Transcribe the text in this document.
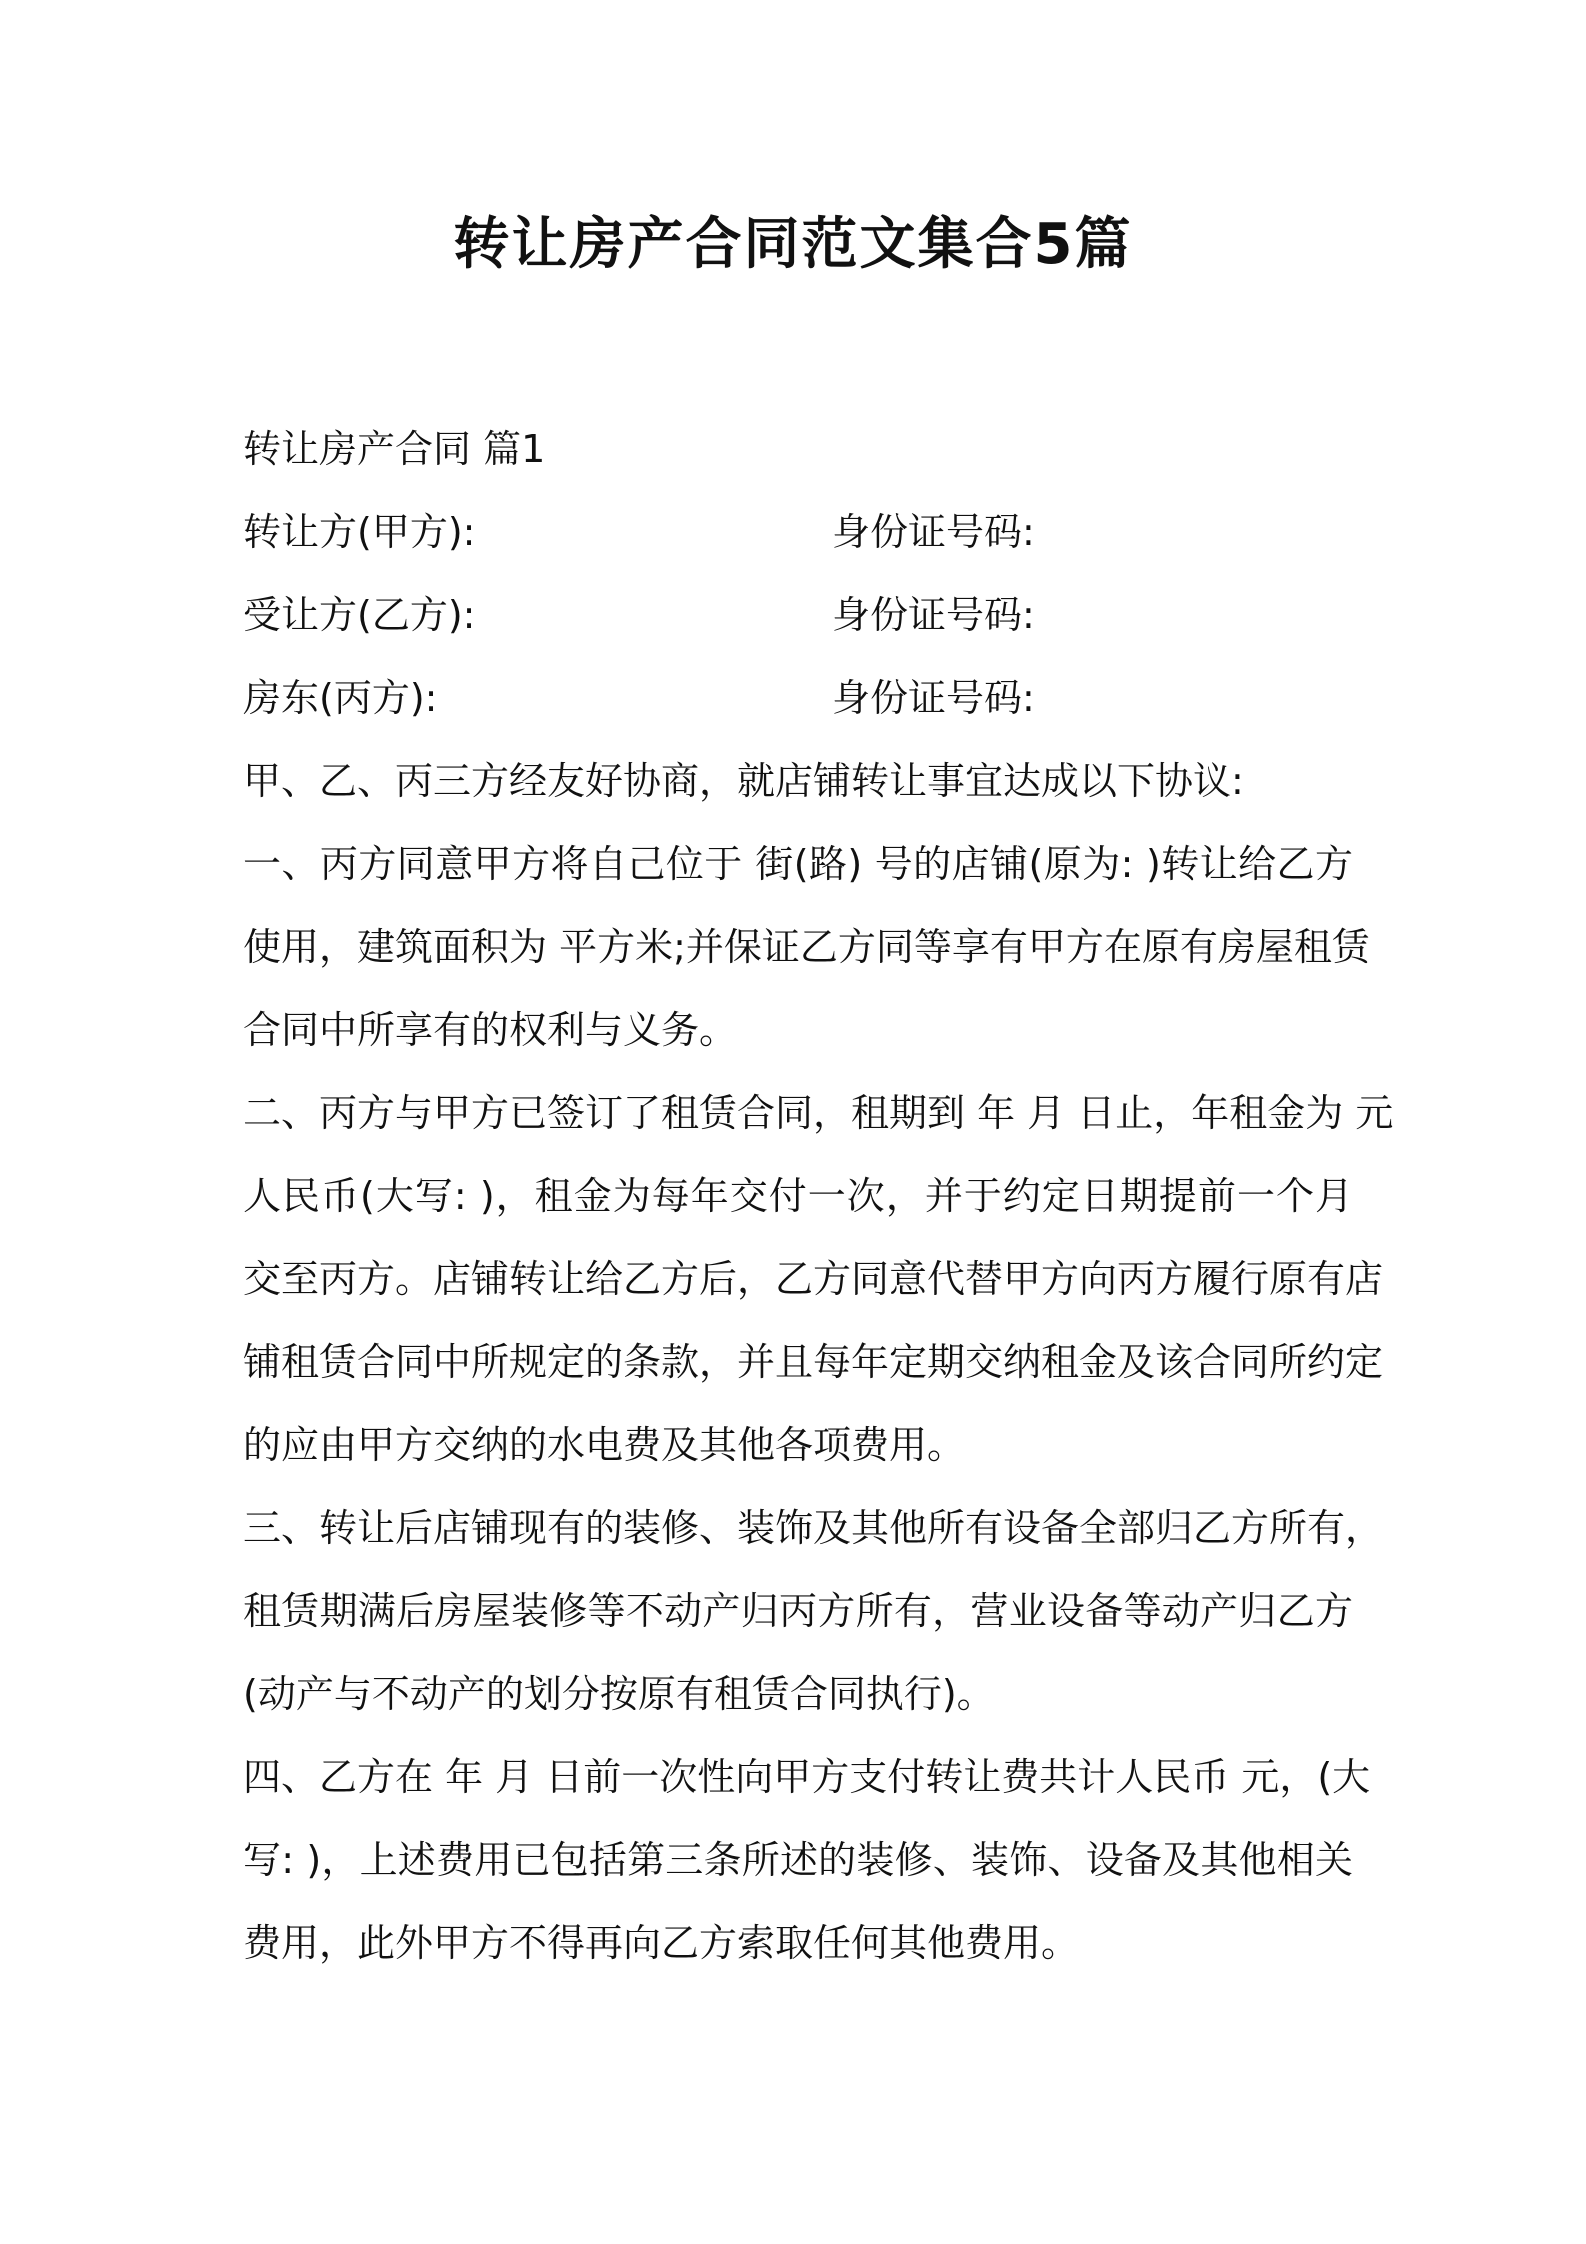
转让房产合同范文集合5篇
转让房产合同 篇1
转让方(甲方):	身份证号码:
受让方(乙方):	身份证号码:
房东(丙方):	身份证号码:
甲、乙、丙三方经友好协商，就店铺转让事宜达成以下协议:
一、丙方同意甲方将自己位于 街(路) 号的店铺(原为: )转让给乙方
使用，建筑面积为 平方米;并保证乙方同等享有甲方在原有房屋租赁
合同中所享有的权利与义务。
二、丙方与甲方已签订了租赁合同，租期到 年 月 日止，年租金为 元
人民币(大写: )，租金为每年交付一次，并于约定日期提前一个月
交至丙方。店铺转让给乙方后，乙方同意代替甲方向丙方履行原有店
铺租赁合同中所规定的条款，并且每年定期交纳租金及该合同所约定
的应由甲方交纳的水电费及其他各项费用。
三、转让后店铺现有的装修、装饰及其他所有设备全部归乙方所有，
租赁期满后房屋装修等不动产归丙方所有，营业设备等动产归乙方
(动产与不动产的划分按原有租赁合同执行)。
四、乙方在 年 月 日前一次性向甲方支付转让费共计人民币 元，(大
写: )，上述费用已包括第三条所述的装修、装饰、设备及其他相关
费用，此外甲方不得再向乙方索取任何其他费用。
